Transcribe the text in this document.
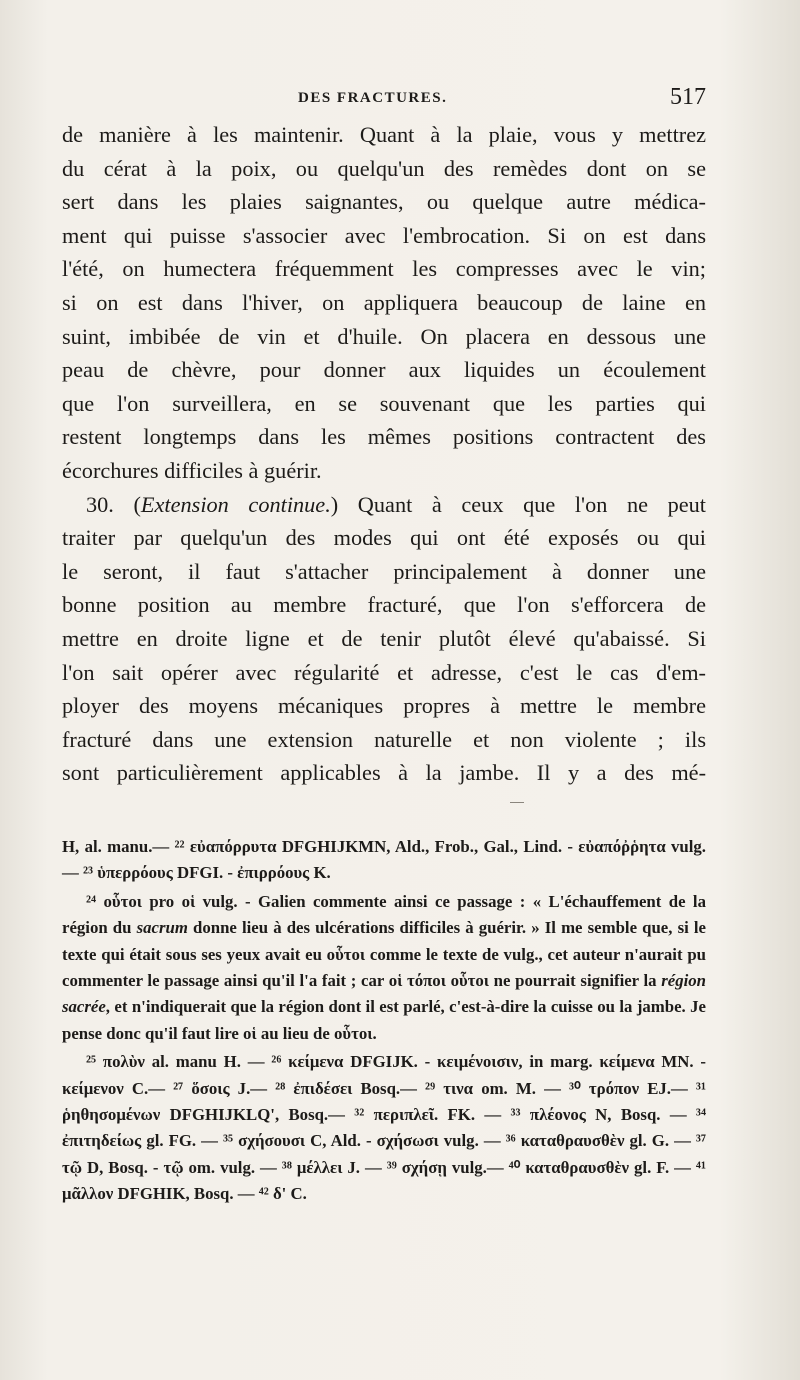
DES FRACTURES.	517

de manière à les maintenir. Quant à la plaie, vous y mettrez

du cérat à la poix, ou quelqu'un des remèdes dont on se

sert dans les plaies saignantes, ou quelque autre médica-

ment qui puisse s'associer avec l'embrocation. Si on est dans

l'été, on humectera fréquemment les compresses avec le vin;

si on est dans l'hiver, on appliquera beaucoup de laine en

suint, imbibée de vin et d'huile. On placera en dessous une

peau de chèvre, pour donner aux liquides un écoulement

que l'on surveillera, en se souvenant que les parties qui

restent longtemps dans les mêmes positions contractent des

écorchures difficiles à guérir.

30. (Extension continue.) Quant à ceux que l'on ne peut

traiter par quelqu'un des modes qui ont été exposés ou qui

le seront, il faut s'attacher principalement à donner une

bonne position au membre fracturé, que l'on s'efforcera de

mettre en droite ligne et de tenir plutôt élevé qu'abaissé. Si

l'on sait opérer avec régularité et adresse, c'est le cas d'em-

ployer des moyens mécaniques propres à mettre le membre

fracturé dans une extension naturelle et non violente ; ils

sont particulièrement applicables à la jambe. Il y a des mé-

H, al. manu.— ²² εὐαπόρρυτα DFGHIJKMN, Ald., Frob., Gal., Lind. - εὐαπόῤῥητα vulg. — ²³ ὑπερρόους DFGI. - ἐπιρρόους K.

²⁴ οὗτοι pro οἱ vulg. - Galien commente ainsi ce passage : « L'échauffement de la région du sacrum donne lieu à des ulcérations difficiles à guérir. » Il me semble que, si le texte qui était sous ses yeux avait eu οὗτοι comme le texte de vulg., cet auteur n'aurait pu commenter le passage ainsi qu'il l'a fait ; car οἱ τόποι οὗτοι ne pourrait signifier la région sacrée, et n'indiquerait que la région dont il est parlé, c'est-à-dire la cuisse ou la jambe. Je pense donc qu'il faut lire οἱ au lieu de οὗτοι.

²⁵ πολὺν al. manu H. — ²⁶ κείμενα DFGIJK. - κειμένοισιν, in marg. κείμενα MN. - κείμενον C.— ²⁷ ὅσοις J.— ²⁸ ἐπιδέσει Bosq.— ²⁹ τινα om. M. — ³⁰ τρόπον EJ.— ³¹ ῥηθησομένων DFGHIJKLQ', Bosq.— ³² περιπλεῖ. FK. — ³³ πλέονος N, Bosq. — ³⁴ ἐπιτηδείως gl. FG. — ³⁵ σχήσουσι C, Ald. - σχήσωσι vulg. — ³⁶ καταθραυσθὲν gl. G. — ³⁷ τῷ D, Bosq. - τῷ om. vulg. — ³⁸ μέλλει J. — ³⁹ σχήσῃ vulg.— ⁴⁰ καταθραυσθὲν gl. F. — ⁴¹ μᾶλλον DFGHIK, Bosq. — ⁴² δ' C.
